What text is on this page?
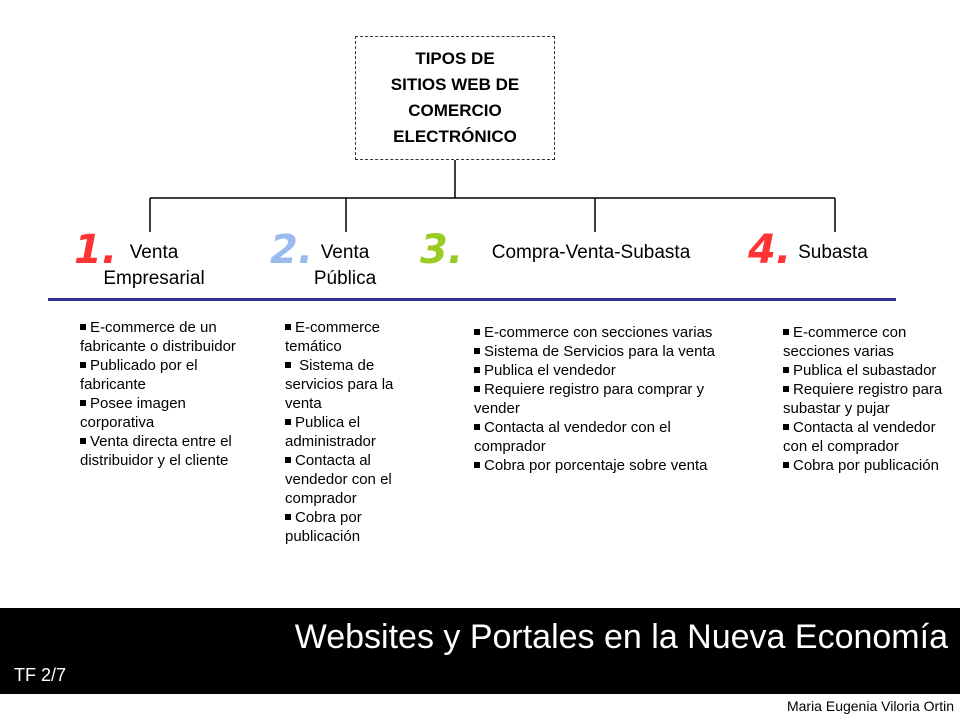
TIPOS DE
SITIOS WEB DE
COMERCIO
ELECTRÓNICO
1. Venta
Empresarial
2. Venta
Pública
3.	Compra-Venta-Subasta	4. Subasta
E-commerce de un fabricante o distribuidor
Publicado por el fabricante
Posee imagen corporativa
Venta directa entre el distribuidor y el cliente
E-commerce temático
Sistema de servicios para la venta
Publica el administrador
Contacta al vendedor con el comprador
Cobra por publicación
E-commerce con secciones varias
Sistema de Servicios para la venta
Publica el vendedor
Requiere registro para comprar y vender
Contacta al vendedor con el comprador
Cobra por porcentaje sobre venta
E-commerce con secciones varias
Publica el subastador
Requiere registro para subastar y pujar
Contacta al vendedor con el comprador
Cobra por publicación
Websites y Portales en la Nueva Economía
TF 2/7
Maria Eugenia Viloria Ortin
